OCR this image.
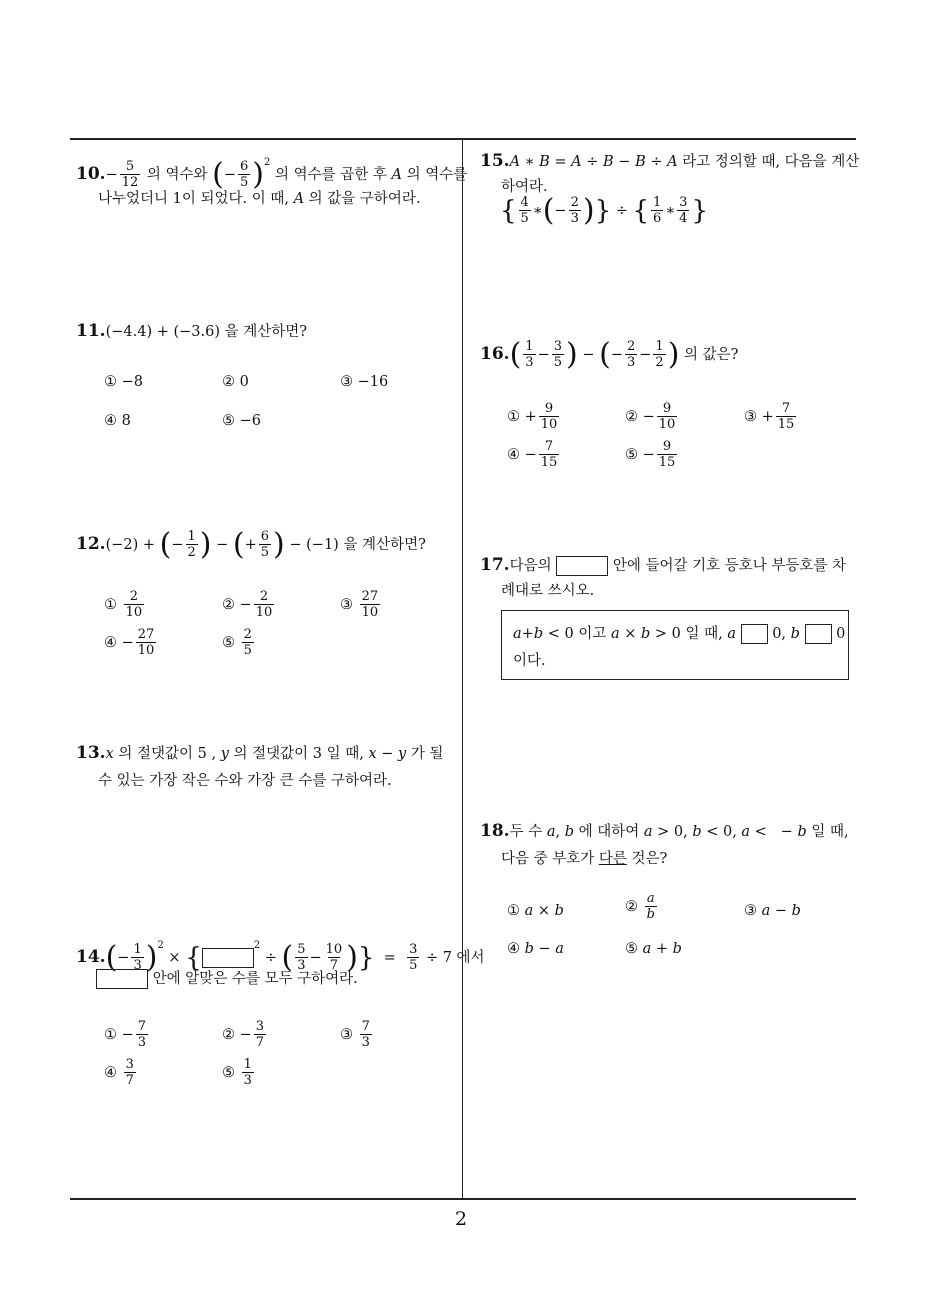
2
$10.- \frac{5}{12}$ 의 역수와 (− $\frac{6}{5} )^2$ 의 역수를 곱한 후 A 의 역수를
나누었더니 1이 되었다. 이 때, A 의 값을 구하여라.
11.(−4.4) + (−3.6) 을 계산하면?
① −8	② 0	③ −16
④ 8	⑤ −6
12.(−2) + (− $\frac{1}{2}$ ) − (+ $\frac{6}{5}$ ) − (−1) 을 계산하면?
① $\frac{2}{10}$	② − $\frac{2}{10}$	③ $\frac{27}{10}$
④ − $\frac{27}{10}$	⑤ $\frac{2}{5}$
13.x 의 절댓값이 5 , y 의 절댓값이 3 일 때, x − y 가 될
수 있는 가장 작은 수와 가장 큰 수를 구하여라.
$14.(- \frac{1}{3} )^2$ × {	$^2$ ÷ ( $\frac{5}{3} - \frac{10}{7}$ )}  = $\frac{3}{5} \div 7$ 에서
안에 알맞은 수를 모두 구하여라.
① − $\frac{7}{3}$	② − $\frac{3}{7}$	③ $\frac{7}{3}$
④ $\frac{3}{7}$	⑤ $\frac{1}{3}$
15.A ∗ B = A ÷ B − B ÷ A 라고 정의할 때, 다음을 계산
하여라.
{ $\frac{4}{5}$ ∗(− $\frac{2}{3}$ )} ÷ { $\frac{1}{6}$ ∗ $\frac{3}{4}$ }
$16.( \frac{1}{3} - \frac{3}{5}$ ) − (− $\frac{2}{3} - \frac{1}{2}$ ) 의 값은?
① + $\frac{9}{10}$	② − $\frac{9}{10}$	③ + $\frac{7}{15}$
④ − $\frac{7}{15}$	⑤ − $\frac{9}{15}$
17.다음의	안에 들어갈 기호 등호나 부등호를 차
례대로 쓰시오.
a+b < 0 이고 a × b > 0 일 때, a 0, b 0
이다.
18.두 수 a, b 에 대하여 a > 0, b < 0, a <   − b 일 때,
다음 중 부호가 다른 것은?
① a × b	② $\frac{a}{b}$	③ a − b
④ b − a	⑤ a + b
